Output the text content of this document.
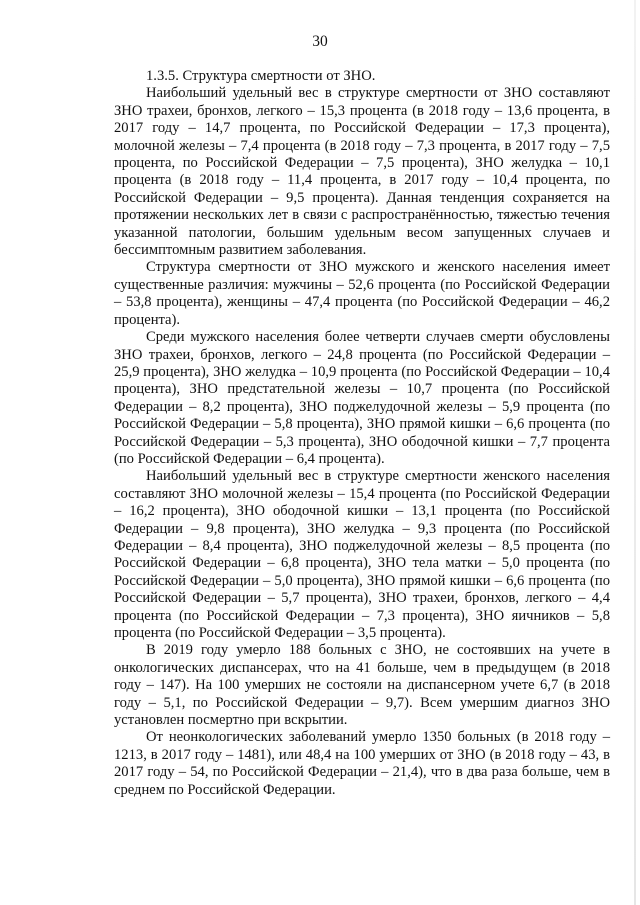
30

1.3.5. Структура смертности от ЗНО.

Наибольший удельный вес в структуре смертности от ЗНО составляют ЗНО трахеи, бронхов, легкого – 15,3 процента (в 2018 году – 13,6 процента, в 2017 году – 14,7 процента, по Российской Федерации – 17,3 процента), молочной железы – 7,4 процента (в 2018 году – 7,3 процента, в 2017 году – 7,5 процента, по Российской Федерации – 7,5 процента), ЗНО желудка – 10,1 процента (в 2018 году – 11,4 процента, в 2017 году – 10,4 процента, по Российской Федерации – 9,5 процента). Данная тенденция сохраняется на протяжении нескольких лет в связи с распространённостью, тяжестью течения указанной патологии, большим удельным весом запущенных случаев и бессимптомным развитием заболевания.

Структура смертности от ЗНО мужского и женского населения имеет существенные различия: мужчины – 52,6 процента (по Российской Федерации – 53,8 процента), женщины – 47,4 процента (по Российской Федерации – 46,2 процента).

Среди мужского населения более четверти случаев смерти обусловлены ЗНО трахеи, бронхов, легкого – 24,8 процента (по Российской Федерации – 25,9 процента), ЗНО желудка – 10,9 процента (по Российской Федерации – 10,4 процента), ЗНО предстательной железы – 10,7 процента (по Российской Федерации – 8,2 процента), ЗНО поджелудочной железы – 5,9 процента (по Российской Федерации – 5,8 процента), ЗНО прямой кишки – 6,6 процента (по Российской Федерации – 5,3 процента), ЗНО ободочной кишки – 7,7 процента (по Российской Федерации – 6,4 процента).

Наибольший удельный вес в структуре смертности женского населения составляют ЗНО молочной железы – 15,4 процента (по Российской Федерации – 16,2 процента), ЗНО ободочной кишки – 13,1 процента (по Российской Федерации – 9,8 процента), ЗНО желудка – 9,3 процента (по Российской Федерации – 8,4 процента), ЗНО поджелудочной железы – 8,5 процента (по Российской Федерации – 6,8 процента), ЗНО тела матки – 5,0 процента (по Российской Федерации – 5,0 процента), ЗНО прямой кишки – 6,6 процента (по Российской Федерации – 5,7 процента), ЗНО трахеи, бронхов, легкого – 4,4 процента (по Российской Федерации – 7,3 процента), ЗНО яичников – 5,8 процента (по Российской Федерации – 3,5 процента).

В 2019 году умерло 188 больных с ЗНО, не состоявших на учете в онкологических диспансерах, что на 41 больше, чем в предыдущем (в 2018 году – 147). На 100 умерших не состояли на диспансерном учете 6,7 (в 2018 году – 5,1, по Российской Федерации – 9,7). Всем умершим диагноз ЗНО установлен посмертно при вскрытии.

От неонкологических заболеваний умерло 1350 больных (в 2018 году – 1213, в 2017 году – 1481), или 48,4 на 100 умерших от ЗНО (в 2018 году – 43, в 2017 году – 54, по Российской Федерации – 21,4), что в два раза больше, чем в среднем по Российской Федерации.
